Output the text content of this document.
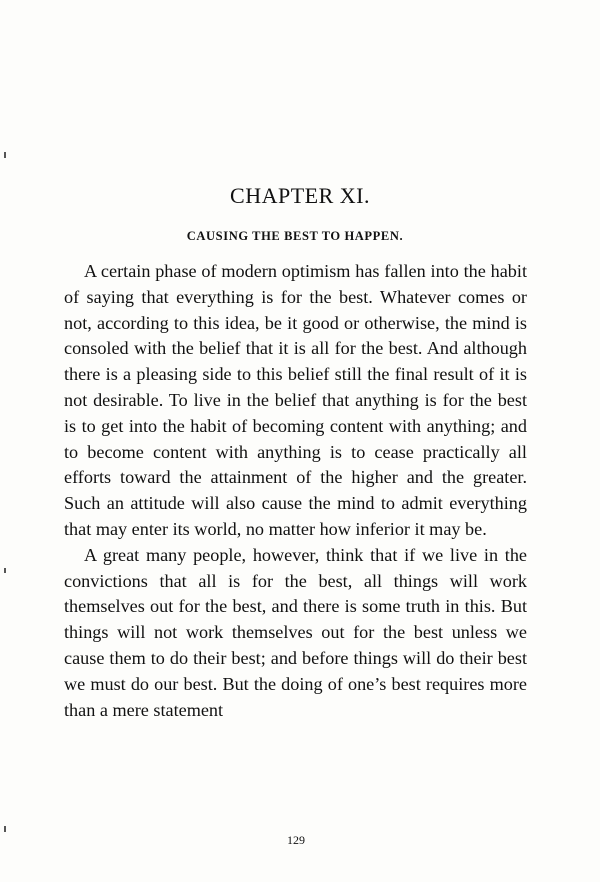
CHAPTER XI.
CAUSING THE BEST TO HAPPEN.

A certain phase of modern optimism has fallen into the habit of saying that everything is for the best. Whatever comes or not, according to this idea, be it good or otherwise, the mind is consoled with the belief that it is all for the best. And although there is a pleasing side to this belief still the final result of it is not desirable. To live in the belief that anything is for the best is to get into the habit of becoming content with anything; and to become content with anything is to cease practically all efforts toward the attainment of the higher and the greater. Such an attitude will also cause the mind to admit everything that may enter its world, no matter how inferior it may be.

A great many people, however, think that if we live in the convictions that all is for the best, all things will work themselves out for the best, and there is some truth in this. But things will not work themselves out for the best unless we cause them to do their best; and before things will do their best we must do our best. But the doing of one’s best requires more than a mere statement

129
